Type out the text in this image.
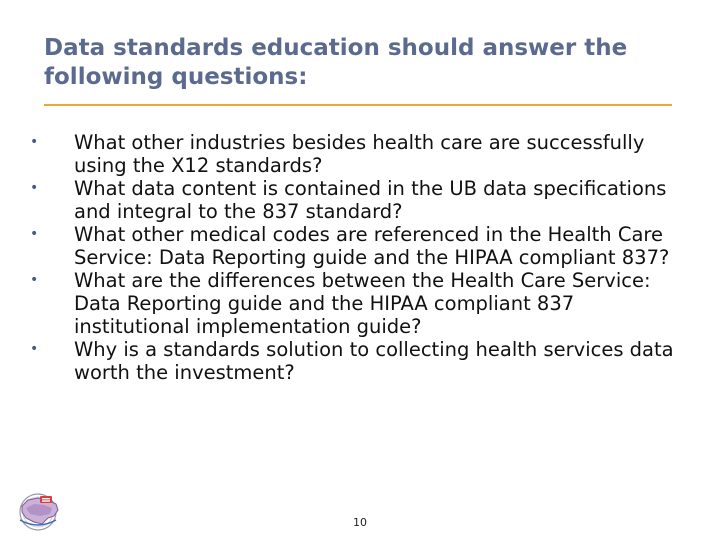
Data standards education should answer the following questions:
• What other industries besides health care are successfully using the X12 standards?
• What data content is contained in the UB data specifications and integral to the 837 standard?
• What other medical codes are referenced in the Health Care Service: Data Reporting guide and the HIPAA compliant 837?
• What are the differences between the Health Care Service: Data Reporting guide and the HIPAA compliant 837 institutional implementation guide?
• Why is a standards solution to collecting health services data worth the investment?
10
